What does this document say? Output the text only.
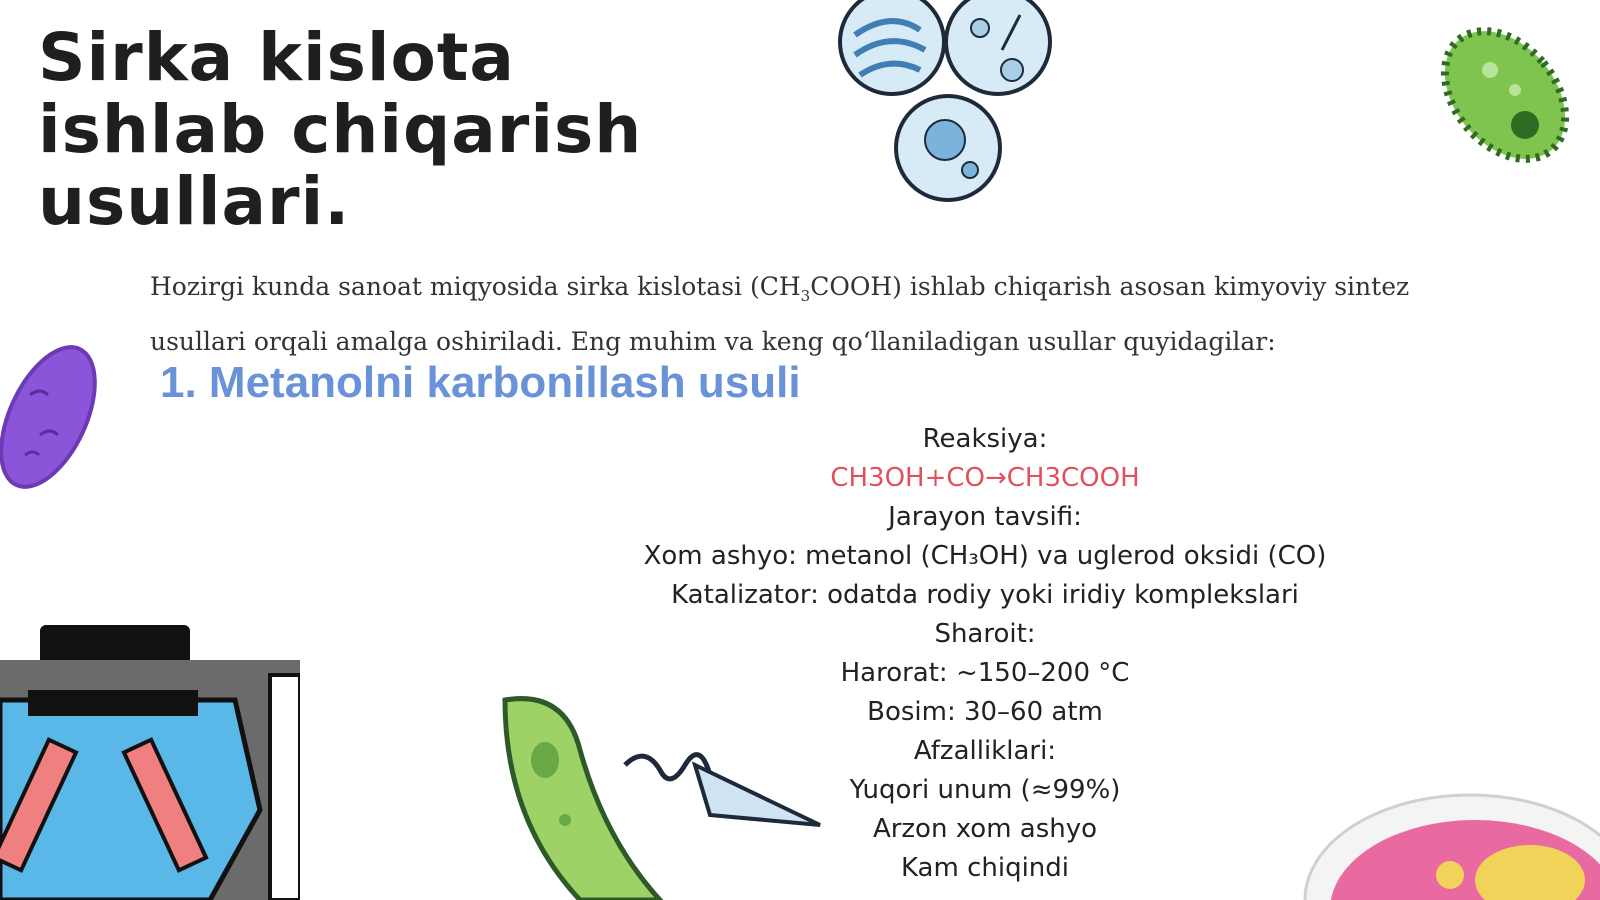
Sirka kislota
ishlab chiqarish
usullari.

Hozirgi kunda sanoat miqyosida sirka kislotasi $(CH_3COOH)$ ishlab chiqarish asosan kimyoviy sintez usullari orqali amalga oshiriladi. Eng muhim va keng qo‘llaniladigan usullar quyidagilar:

1. Metanolni karbonillash usuli
Reaksiya:
CH3OH+CO→CH3COOH
Jarayon tavsifi:
Xom ashyo: metanol (CH₃OH) va uglerod oksidi (CO)
Katalizator: odatda rodiy yoki iridiy komplekslari
Sharoit:
Harorat: ~150–200 °C
Bosim: 30–60 atm
Afzalliklari:
Yuqori unum (≈99%)
Arzon xom ashyo
Kam chiqindi
